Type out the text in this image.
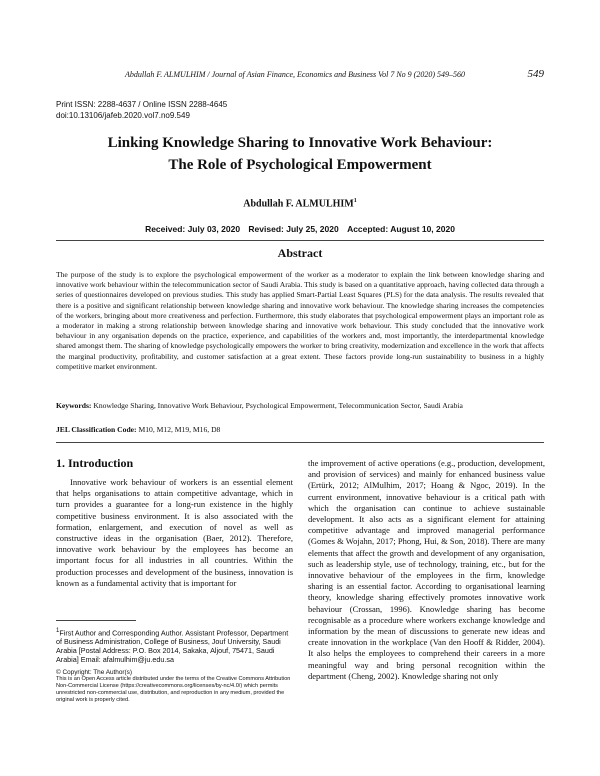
Abdullah F. ALMULHIM / Journal of Asian Finance, Economics and Business Vol 7 No 9 (2020) 549–560	549
Print ISSN: 2288-4637 / Online ISSN 2288-4645
doi:10.13106/jafeb.2020.vol7.no9.549
Linking Knowledge Sharing to Innovative Work Behaviour:
The Role of Psychological Empowerment
Abdullah F. ALMULHIM$^1$
Received: July 03, 2020 Revised: July 25, 2020 Accepted: August 10, 2020
Abstract
The purpose of the study is to explore the psychological empowerment of the worker as a moderator to explain the link between knowledge sharing and innovative work behaviour within the telecommunication sector of Saudi Arabia. This study is based on a quantitative approach, having collected data through a series of questionnaires developed on previous studies. This study has applied Smart-Partial Least Squares (PLS) for the data analysis. The results revealed that there is a positive and significant relationship between knowledge sharing and innovative work behaviour. The knowledge sharing increases the competencies of the workers, bringing about more creativeness and perfection. Furthermore, this study elaborates that psychological empowerment plays an important role as a moderator in making a strong relationship between knowledge sharing and innovative work behaviour. This study concluded that the innovative work behaviour in any organisation depends on the practice, experience, and capabilities of the workers and, most importantly, the interdepartmental knowledge shared amongst them. The sharing of knowledge psychologically empowers the worker to bring creativity, modernization and excellence in the work that affects the marginal productivity, profitability, and customer satisfaction at a great extent. These factors provide long-run sustainability to business in a highly competitive market environment.
Keywords: Knowledge Sharing, Innovative Work Behaviour, Psychological Empowerment, Telecommunication Sector, Saudi Arabia
JEL Classification Code: M10, M12, M19, M16, D8
1. Introduction

Innovative work behaviour of workers is an essential element that helps organisations to attain competitive advantage, which in turn provides a guarantee for a long-run existence in the highly competitive business environment. It is also associated with the formation, enlargement, and execution of novel as well as constructive ideas in the organisation (Baer, 2012). Therefore, innovative work behaviour by the employees has become an important focus for all industries in all countries. Within the production processes and development of the business, innovation is known as a fundamental activity that is important for

the improvement of active operations (e.g., production, development, and provision of services) and mainly for enhanced business value (Ertürk, 2012; AlMulhim, 2017; Hoang & Ngoc, 2019). In the current environment, innovative behaviour is a critical path with which the organisation can continue to achieve sustainable development. It also acts as a significant element for attaining competitive advantage and improved managerial performance (Gomes & Wojahn, 2017; Phong, Hui, & Son, 2018). There are many elements that affect the growth and development of any organisation, such as leadership style, use of technology, training, etc., but for the innovative behaviour of the employees in the firm, knowledge sharing is an essential factor. According to organisational learning theory, knowledge sharing effectively promotes innovative work behaviour (Crossan, 1996). Knowledge sharing has become recognisable as a procedure where workers exchange knowledge and information by the mean of discussions to generate new ideas and create innovation in the workplace (Van den Hooff & Ridder, 2004). It also helps the employees to comprehend their careers in a more meaningful way and bring personal recognition within the department (Cheng, 2002). Knowledge sharing not only

$^1$First Author and Corresponding Author. Assistant Professor, Department of Business Administration, College of Business, Jouf University, Saudi Arabia [Postal Address: P.O. Box 2014, Sakaka, Aljouf, 75471, Saudi Arabia] Email: afalmulhim@ju.edu.sa
© Copyright: The Author(s)
This is an Open Access article distributed under the terms of the Creative Commons Attribution Non-Commercial License (https://creativecommons.org/licenses/by-nc/4.0/) which permits unrestricted non-commercial use, distribution, and reproduction in any medium, provided the original work is properly cited.
